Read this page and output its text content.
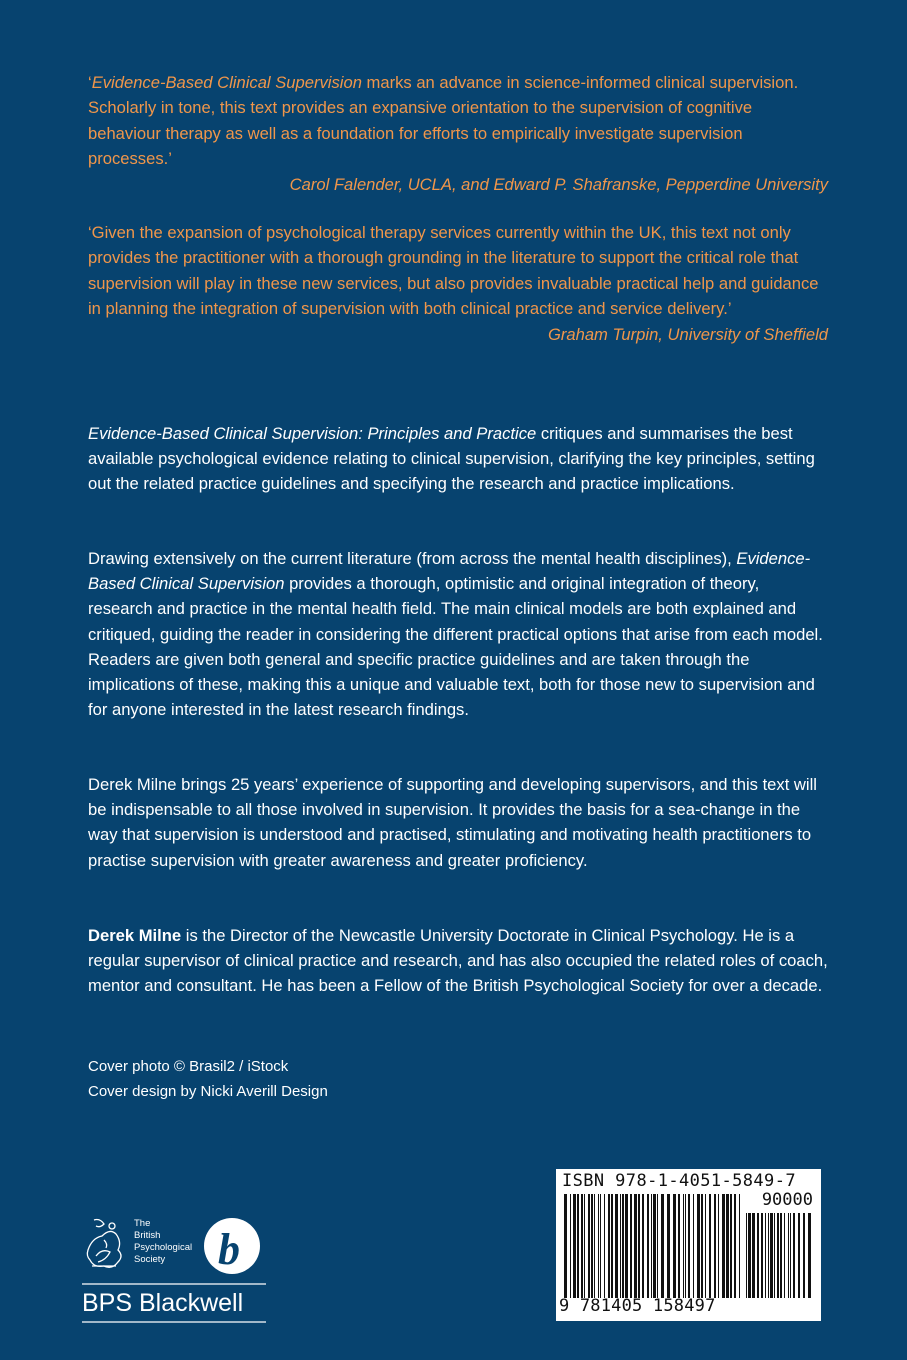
‘Evidence-Based Clinical Supervision marks an advance in science-informed clinical supervision. Scholarly in tone, this text provides an expansive orientation to the supervision of cognitive behaviour therapy as well as a foundation for efforts to empirically investigate supervision processes.’

Carol Falender, UCLA, and Edward P. Shafranske, Pepperdine University

‘Given the expansion of psychological therapy services currently within the UK, this text not only provides the practitioner with a thorough grounding in the literature to support the critical role that supervision will play in these new services, but also provides invaluable practical help and guidance in planning the integration of supervision with both clinical practice and service delivery.’

Graham Turpin, University of Sheffield

Evidence-Based Clinical Supervision: Principles and Practice critiques and summarises the best available psychological evidence relating to clinical supervision, clarifying the key principles, setting out the related practice guidelines and specifying the research and practice implications.

Drawing extensively on the current literature (from across the mental health disciplines), Evidence-Based Clinical Supervision provides a thorough, optimistic and original integration of theory, research and practice in the mental health field. The main clinical models are both explained and critiqued, guiding the reader in considering the different practical options that arise from each model. Readers are given both general and specific practice guidelines and are taken through the implications of these, making this a unique and valuable text, both for those new to supervision and for anyone interested in the latest research findings.

Derek Milne brings 25 years’ experience of supporting and developing supervisors, and this text will be indispensable to all those involved in supervision. It provides the basis for a sea-change in the way that supervision is understood and practised, stimulating and motivating health practitioners to practise supervision with greater awareness and greater proficiency.

Derek Milne is the Director of the Newcastle University Doctorate in Clinical Psychology. He is a regular supervisor of clinical practice and research, and has also occupied the related roles of coach, mentor and consultant. He has been a Fellow of the British Psychological Society for over a decade.

Cover photo © Brasil2 / iStock
Cover design by Nicki Averill Design
The
British
Psychological
Society b
BPS Blackwell
ISBN 978-1-4051-5849-7
90000
9 781405 158497
